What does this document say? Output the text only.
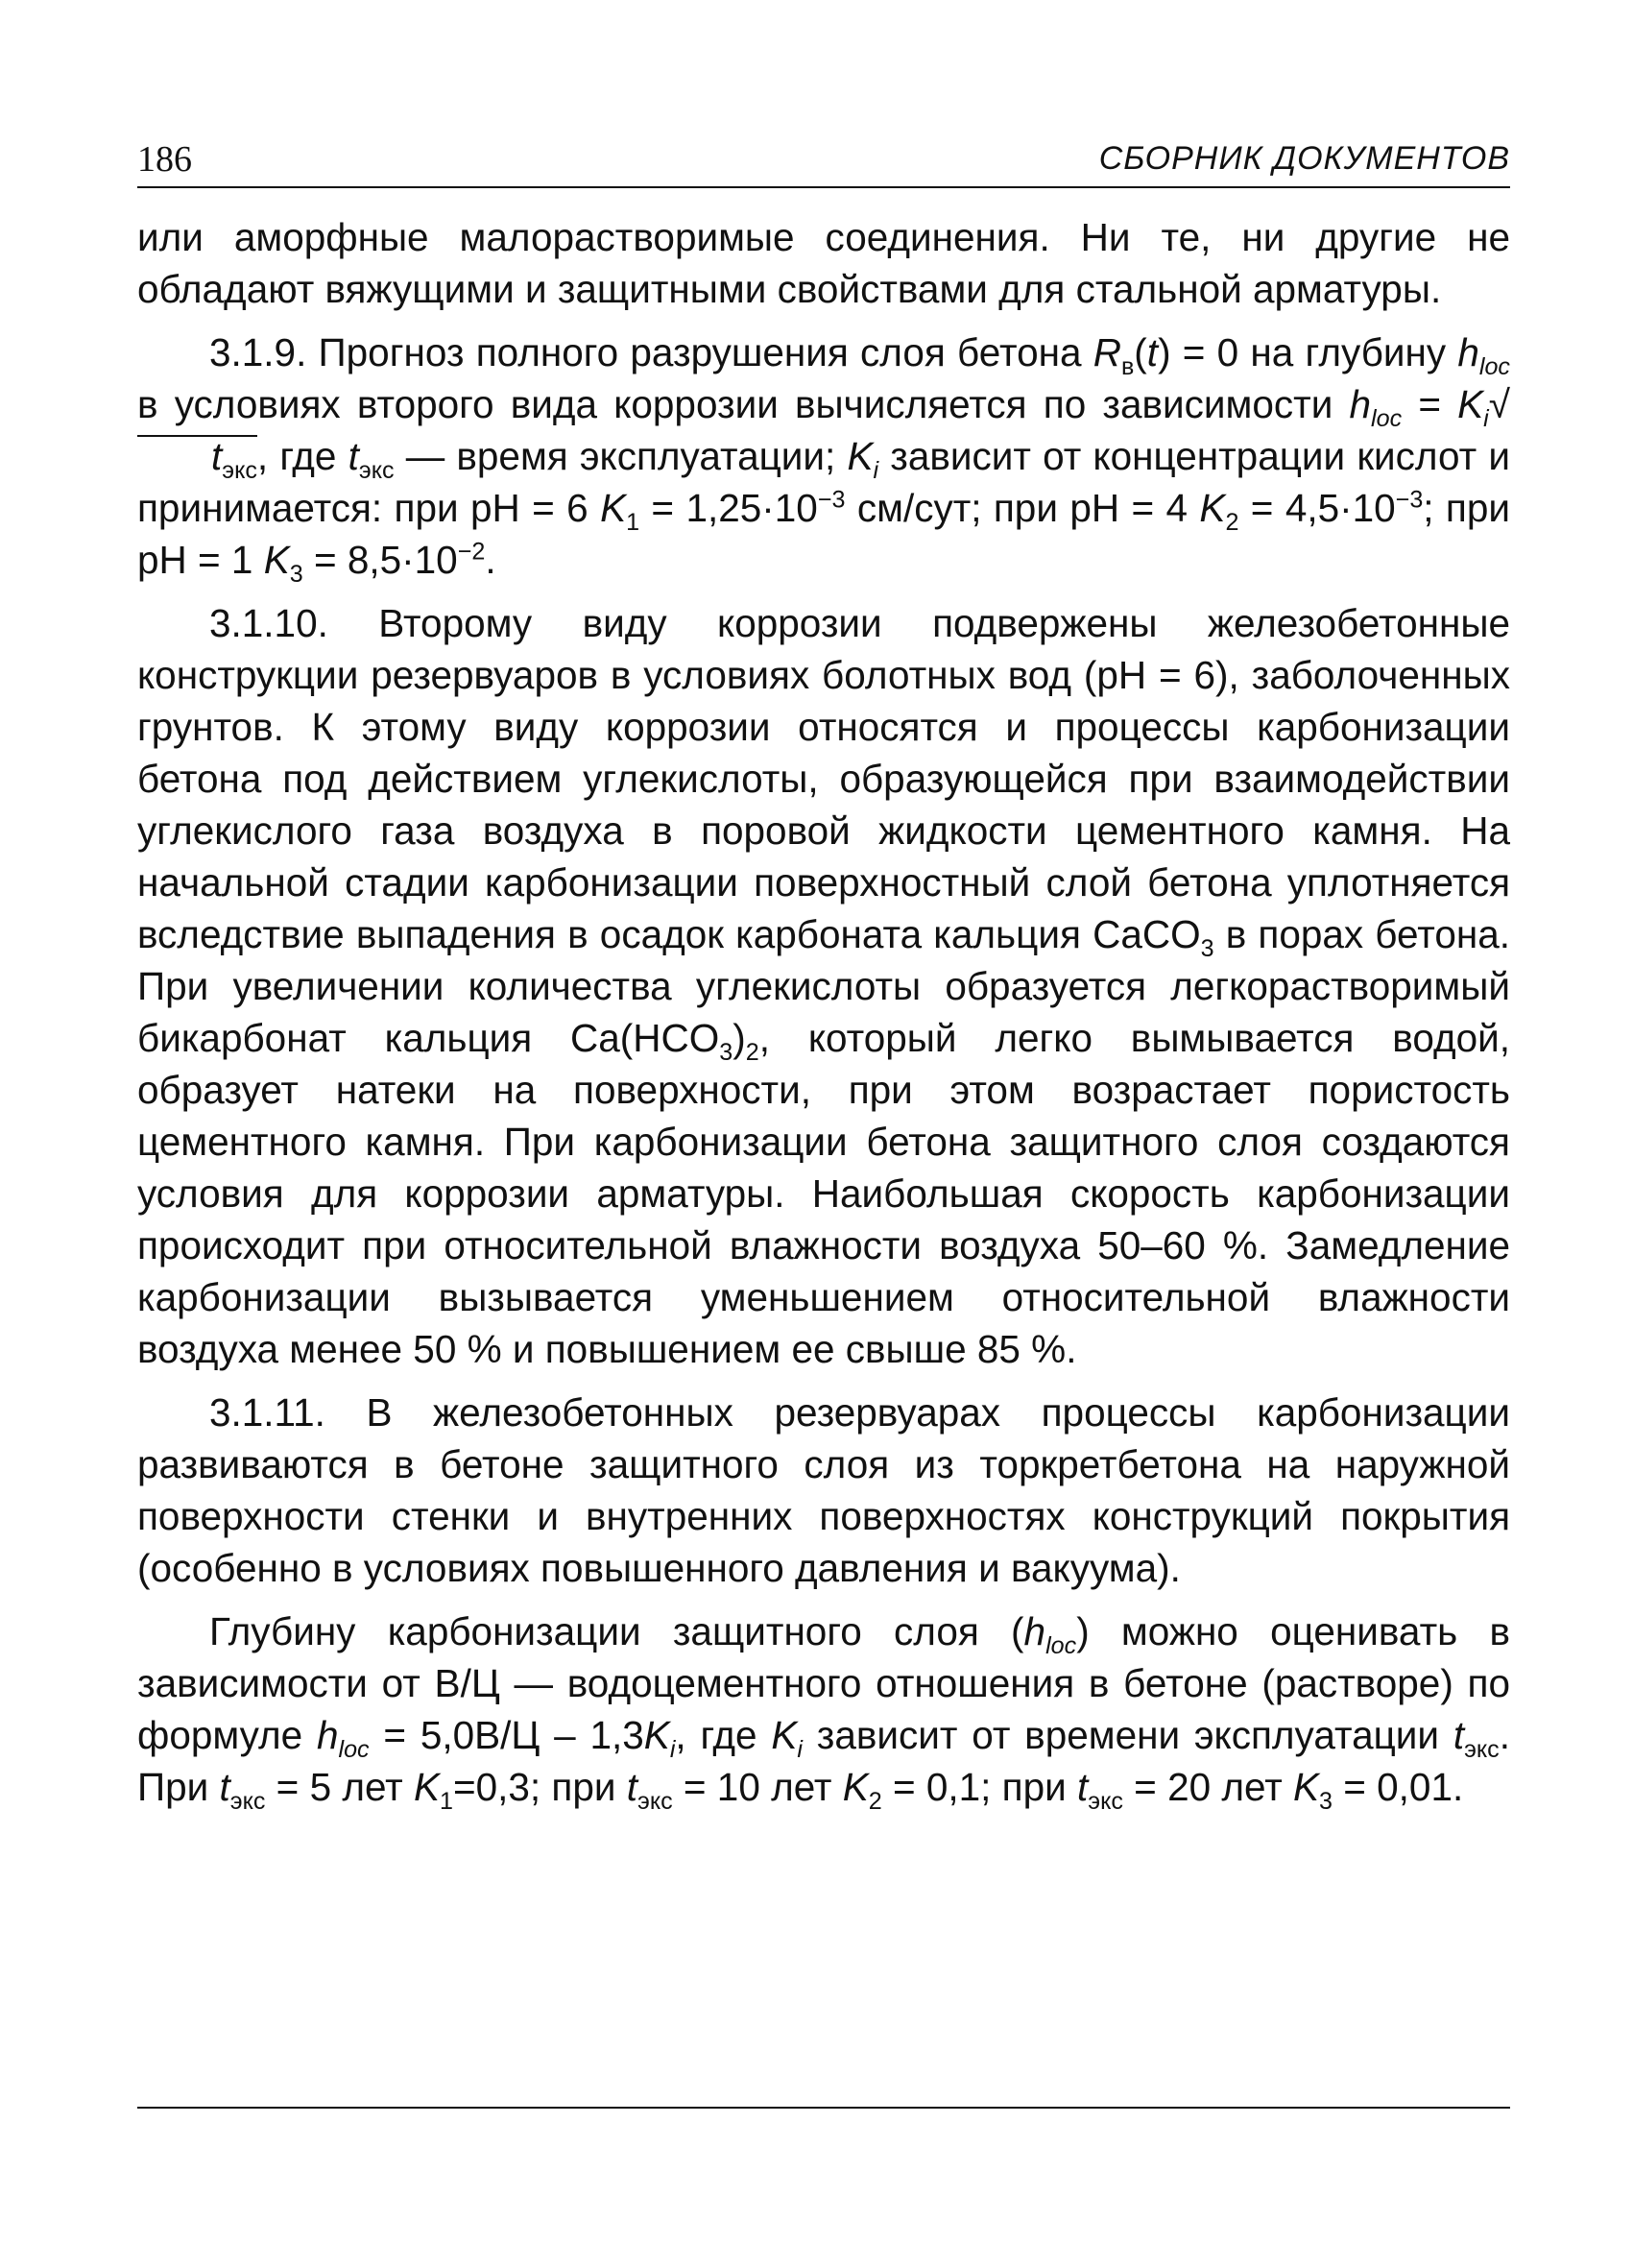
186	СБОРНИК ДОКУМЕНТОВ

или аморфные малорастворимые соединения. Ни те, ни другие не обладают вяжущими и защитными свойствами для стальной арматуры.

3.1.9. Прогноз полного разрушения слоя бетона $R_в(t) = 0$ на глубину $h_{loc}$ в условиях второго вида коррозии вычисляется по зависимости $h_{loc} = K_i√t_{экс}$, где $t_{экс}$ — время эксплуатации; $K_i$ зависит от концентрации кислот и принимается: при pH = 6 $K_1 = 1,25\cdot 10^{-3}$ см/сут; при pH = 4 $K_2 = 4,5\cdot 10^{-3}$; при pH = 1 $K_3 = 8,5\cdot 10^{-2}$.

3.1.10. Второму виду коррозии подвержены железобетонные конструкции резервуаров в условиях болотных вод (pH = 6), заболоченных грунтов. К этому виду коррозии относятся и процессы карбонизации бетона под действием углекислоты, образующейся при взаимодействии углекислого газа воздуха в поровой жидкости цементного камня. На начальной стадии карбонизации поверхностный слой бетона уплотняется вследствие выпадения в осадок карбоната кальция CaCO$_3$ в порах бетона. При увеличении количества углекислоты образуется легкорастворимый бикарбонат кальция $Ca(HCO_3)_2$, который легко вымывается водой, образует натеки на поверхности, при этом возрастает пористость цементного камня. При карбонизации бетона защитного слоя создаются условия для коррозии арматуры. Наибольшая скорость карбонизации происходит при относительной влажности воздуха 50–60 %. Замедление карбонизации вызывается уменьшением относительной влажности воздуха менее 50 % и повышением ее свыше 85 %.

3.1.11. В железобетонных резервуарах процессы карбонизации развиваются в бетоне защитного слоя из торкретбетона на наружной поверхности стенки и внутренних поверхностях конструкций покрытия (особенно в условиях повышенного давления и вакуума).

Глубину карбонизации защитного слоя $(h_{loc})$ можно оценивать в зависимости от В/Ц — водоцементного отношения в бетоне (растворе) по формуле $h_{loc} = 5,0В/Ц - 1,3K_i$, где $K_i$ зависит от времени эксплуатации $t_{экс}$. При $t_{экс} = 5$ лет $K_1=0,3$; при $t_{экс} = 10$ лет $K_2 = 0,1$; при $t_{экс} = 20$ лет $K_3 = 0,01$.
